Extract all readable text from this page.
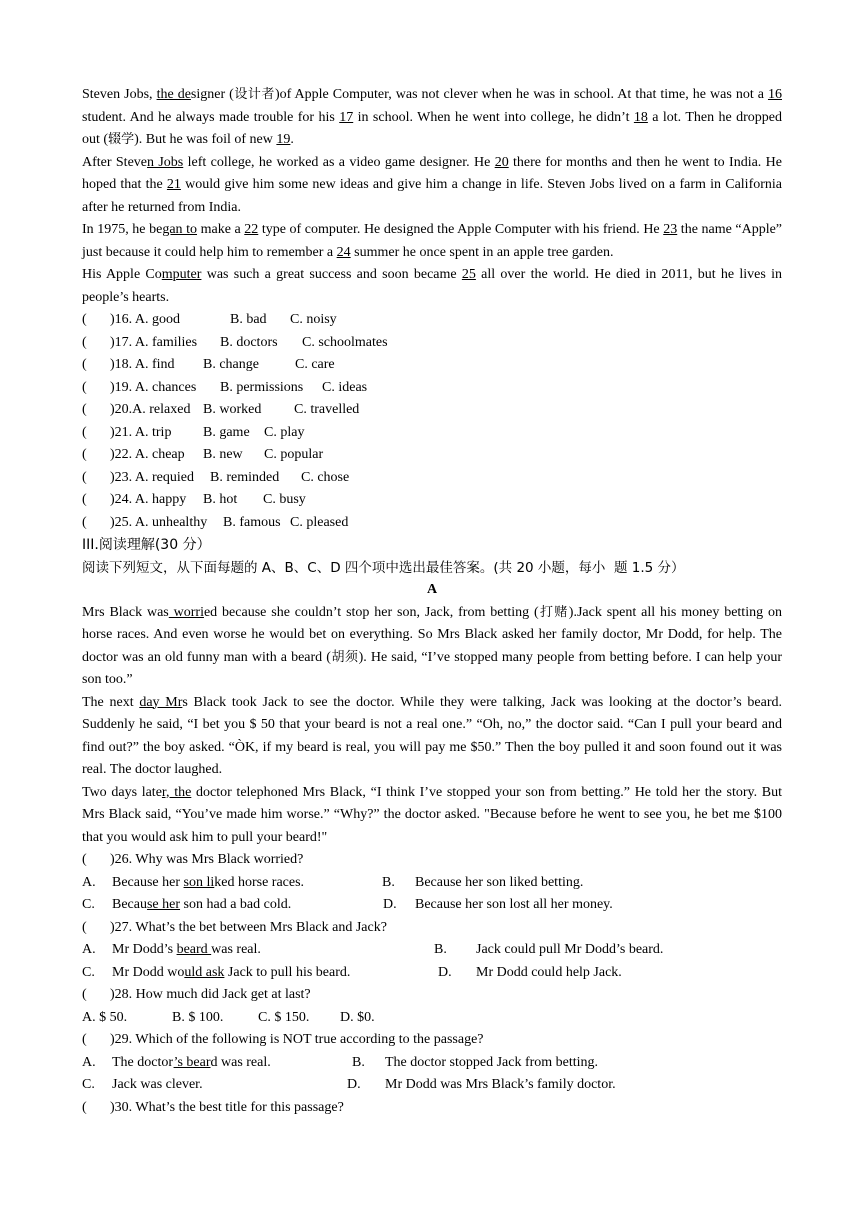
Steven Jobs, the designer (设计者)of Apple Computer, was not clever when he was in school. At that time, he was not a 16 student. And he always made trouble for his 17 in school. When he went into college, he didn’t 18 a lot. Then he dropped out (辍学). But he was foil of new 19.

After Steven Jobs left college, he worked as a video game designer. He 20 there for months and then he went to India. He hoped that the 21 would give him some new ideas and give him a change in life. Steven Jobs lived on a farm in California after he returned from India.

In 1975, he began to make a 22 type of computer. He designed the Apple Computer with his friend. He 23 the name “Apple” just because it could help him to remember a 24 summer he once spent in an apple tree garden.

His Apple Computer was such a great success and soon became 25 all over the world. He died in 2011, but he lives in people’s hearts.

( )16. A. good	B. bad C. noisy
( )17. A. families B. doctors C. schoolmates
( )18. A. find B. change	C. care
( )19. A. chances B. permissions C. ideas
( )20.A. relaxed B. worked C. travelled
( )21. A. trip B. game C. play
( )22. A. cheap B. new C. popular
( )23. A. requied B. reminded C. chose
( )24. A. happy B. hot C. busy
( )25. A. unhealthy B. famous C. pleased
III.阅读理解(30 分）
阅读下列短文，从下面每题的 A、B、C、D 四个项中选出最佳答案。(共 20 小题，每小  题 1.5 分）
A

Mrs Black was worried because she couldn’t stop her son, Jack, from betting (打赌).Jack spent all his money betting on horse races. And even worse he would bet on everything. So Mrs Black asked her family doctor, Mr Dodd, for help. The doctor was an old funny man with a beard (胡须). He said, “I’ve stopped many people from betting before. I can help your son too.”

The next day Mrs Black took Jack to see the doctor. While they were talking, Jack was looking at the doctor’s beard. Suddenly he said, “I bet you $ 50 that your beard is not a real one.” “Oh, no,” the doctor said. “Can I pull your beard and find out?” the boy asked. “ÒK, if my beard is real, you will pay me $50.” Then the boy pulled it and soon found out it was real. The doctor laughed.

Two days later, the doctor telephoned Mrs Black, “I think I’ve stopped your son from betting.” He told her the story. But Mrs Black said, “You’ve made him worse.” “Why?” the doctor asked. "Because before he went to see you, he bet me $100 that you would ask him to pull your beard!"

( )26. Why was Mrs Black worried?
A. Because her son liked horse races.	B. Because her son liked betting.
C. Because her son had a bad cold.	D. Because her son lost all her money.
( )27. What’s the bet between Mrs Black and Jack?
A. Mr Dodd’s beard was real.	B. Jack could pull Mr Dodd’s beard.
C. Mr Dodd would ask Jack to pull his beard.	D. Mr Dodd could help Jack.
( )28. How much did Jack get at last?
A. $ 50.	B. $ 100. C. $ 150. D. $0.
( )29. Which of the following is NOT true according to the passage?
A. The doctor’s beard was real.	B. The doctor stopped Jack from betting.
C. Jack was clever.	D. Mr Dodd was Mrs Black’s family doctor.
( )30. What’s the best title for this passage?
